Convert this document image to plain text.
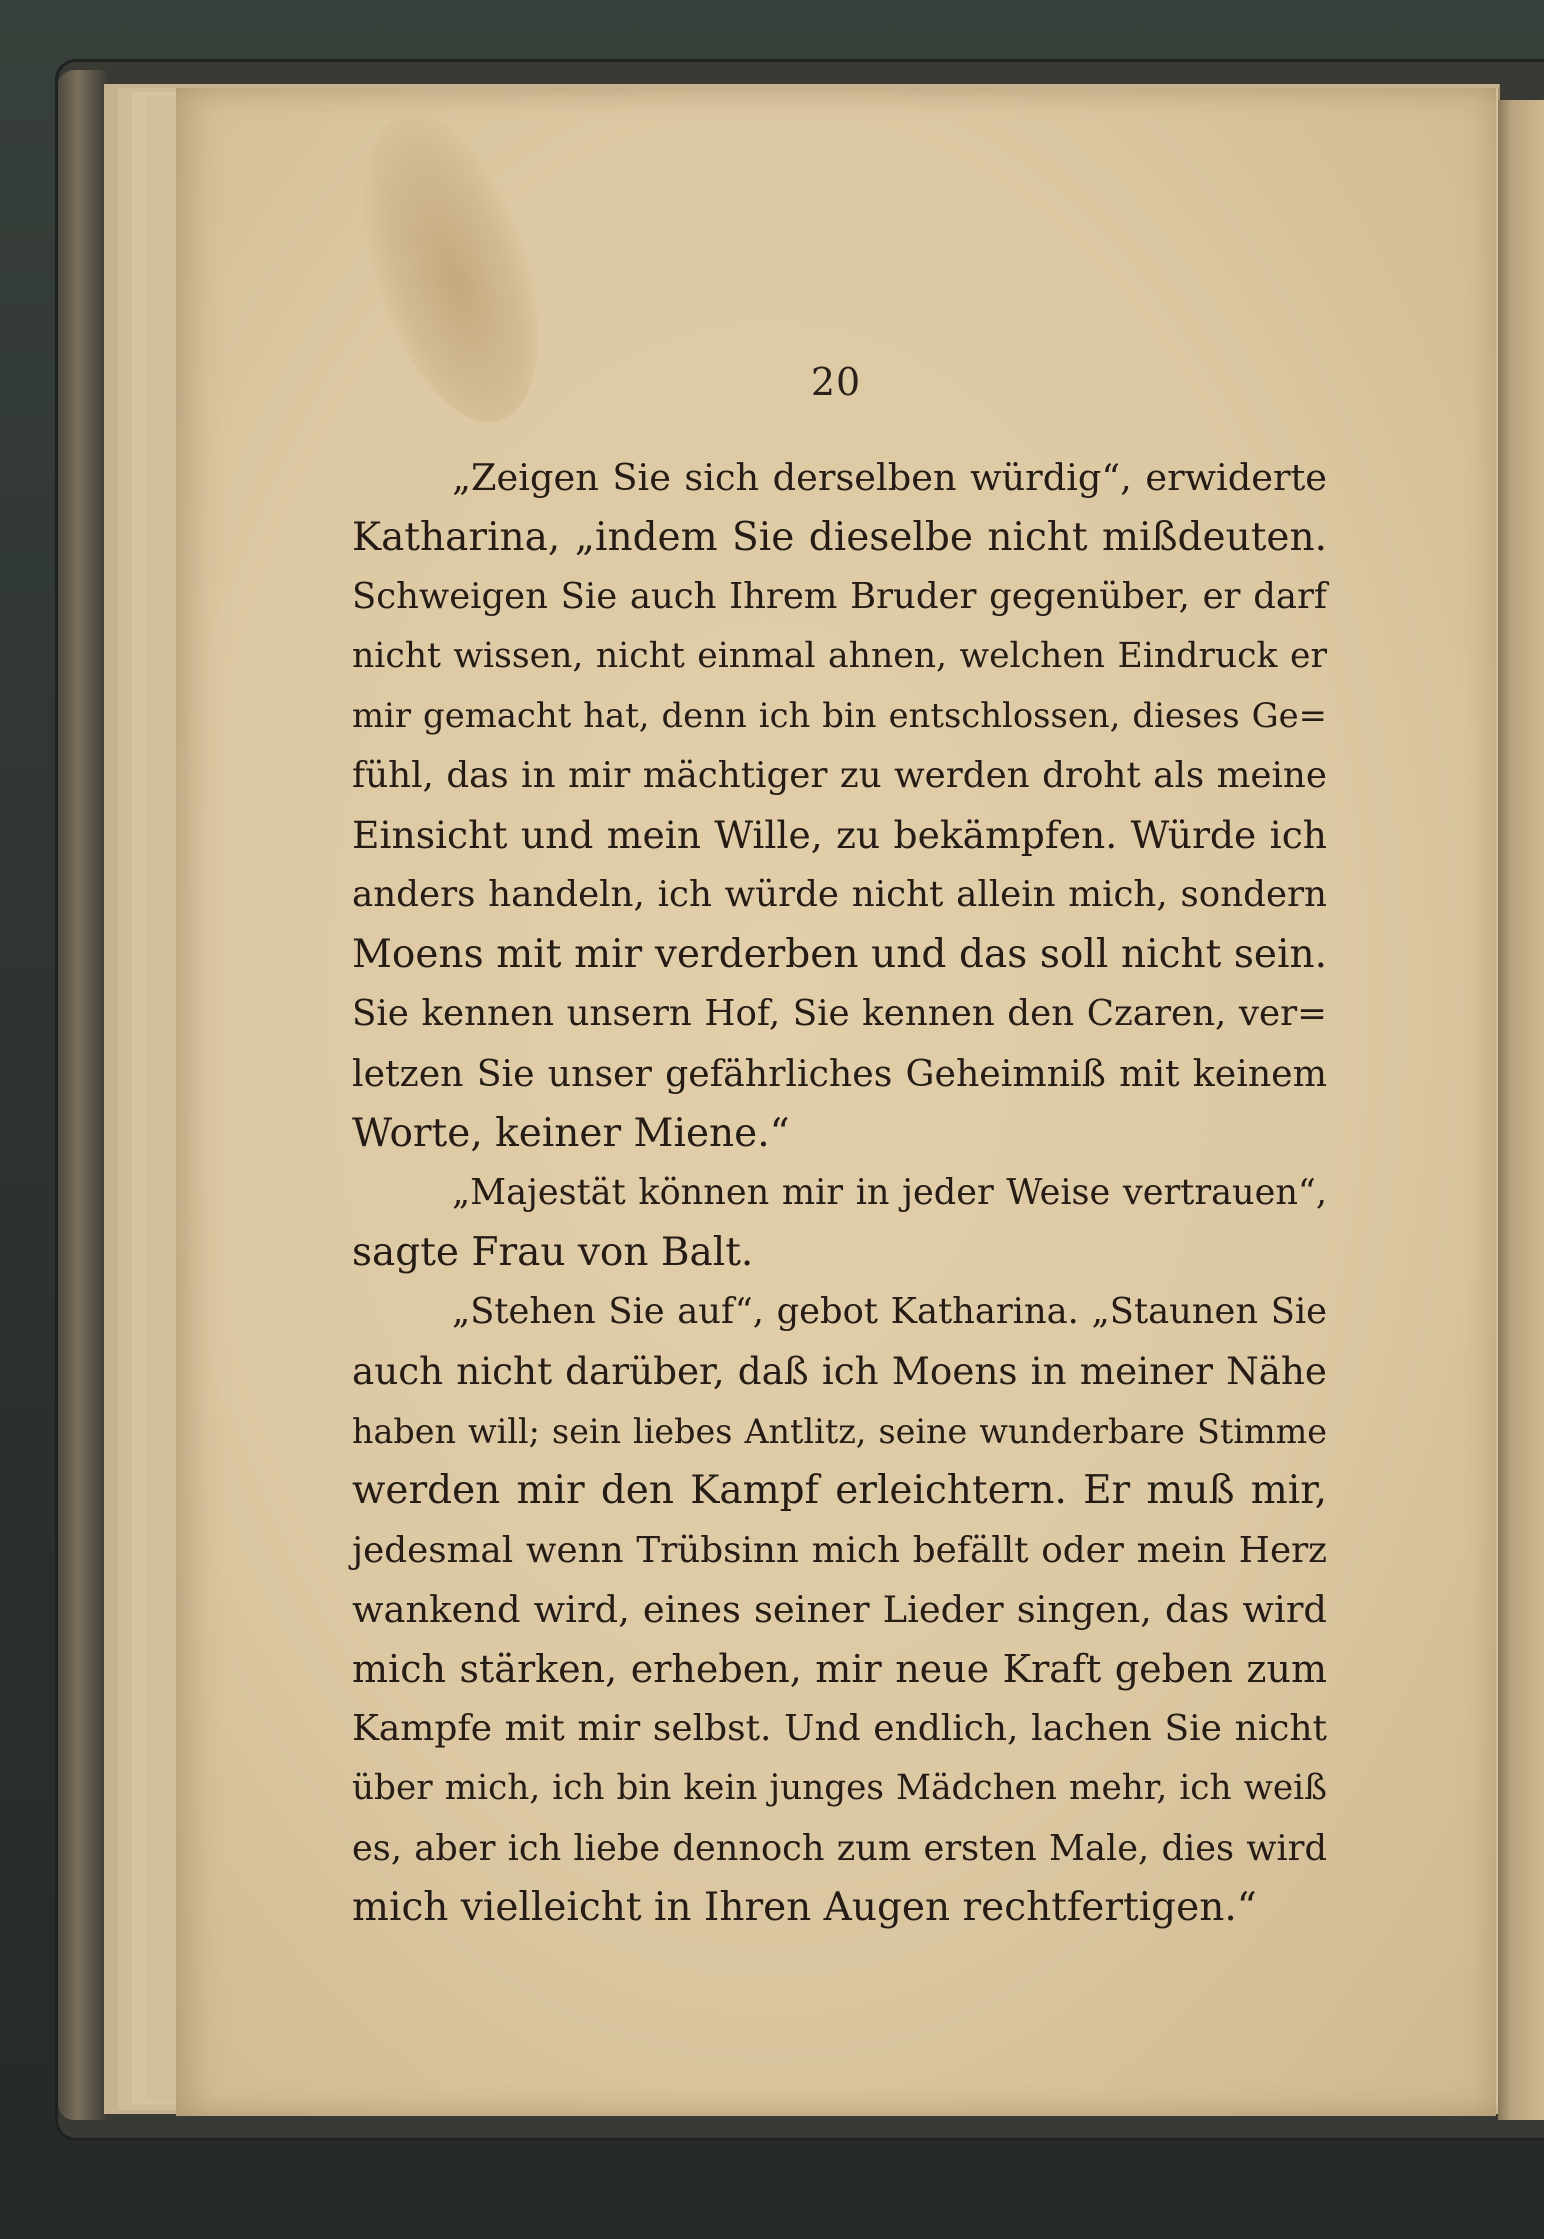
20

„Zeigen Sie sich derselben würdig“, erwiderte
Katharina, „indem Sie dieselbe nicht mißdeuten.
Schweigen Sie auch Ihrem Bruder gegenüber, er darf
nicht wissen, nicht einmal ahnen, welchen Eindruck er
mir gemacht hat, denn ich bin entschlossen, dieses Ge=
fühl, das in mir mächtiger zu werden droht als meine
Einsicht und mein Wille, zu bekämpfen. Würde ich
anders handeln, ich würde nicht allein mich, sondern
Moens mit mir verderben und das soll nicht sein.
Sie kennen unsern Hof, Sie kennen den Czaren, ver=
letzen Sie unser gefährliches Geheimniß mit keinem
Worte, keiner Miene.“

„Majestät können mir in jeder Weise vertrauen“,
sagte Frau von Balt.

„Stehen Sie auf“, gebot Katharina. „Staunen Sie
auch nicht darüber, daß ich Moens in meiner Nähe
haben will; sein liebes Antlitz, seine wunderbare Stimme
werden mir den Kampf erleichtern. Er muß mir,
jedesmal wenn Trübsinn mich befällt oder mein Herz
wankend wird, eines seiner Lieder singen, das wird
mich stärken, erheben, mir neue Kraft geben zum
Kampfe mit mir selbst. Und endlich, lachen Sie nicht
über mich, ich bin kein junges Mädchen mehr, ich weiß
es, aber ich liebe dennoch zum ersten Male, dies wird
mich vielleicht in Ihren Augen rechtfertigen.“
